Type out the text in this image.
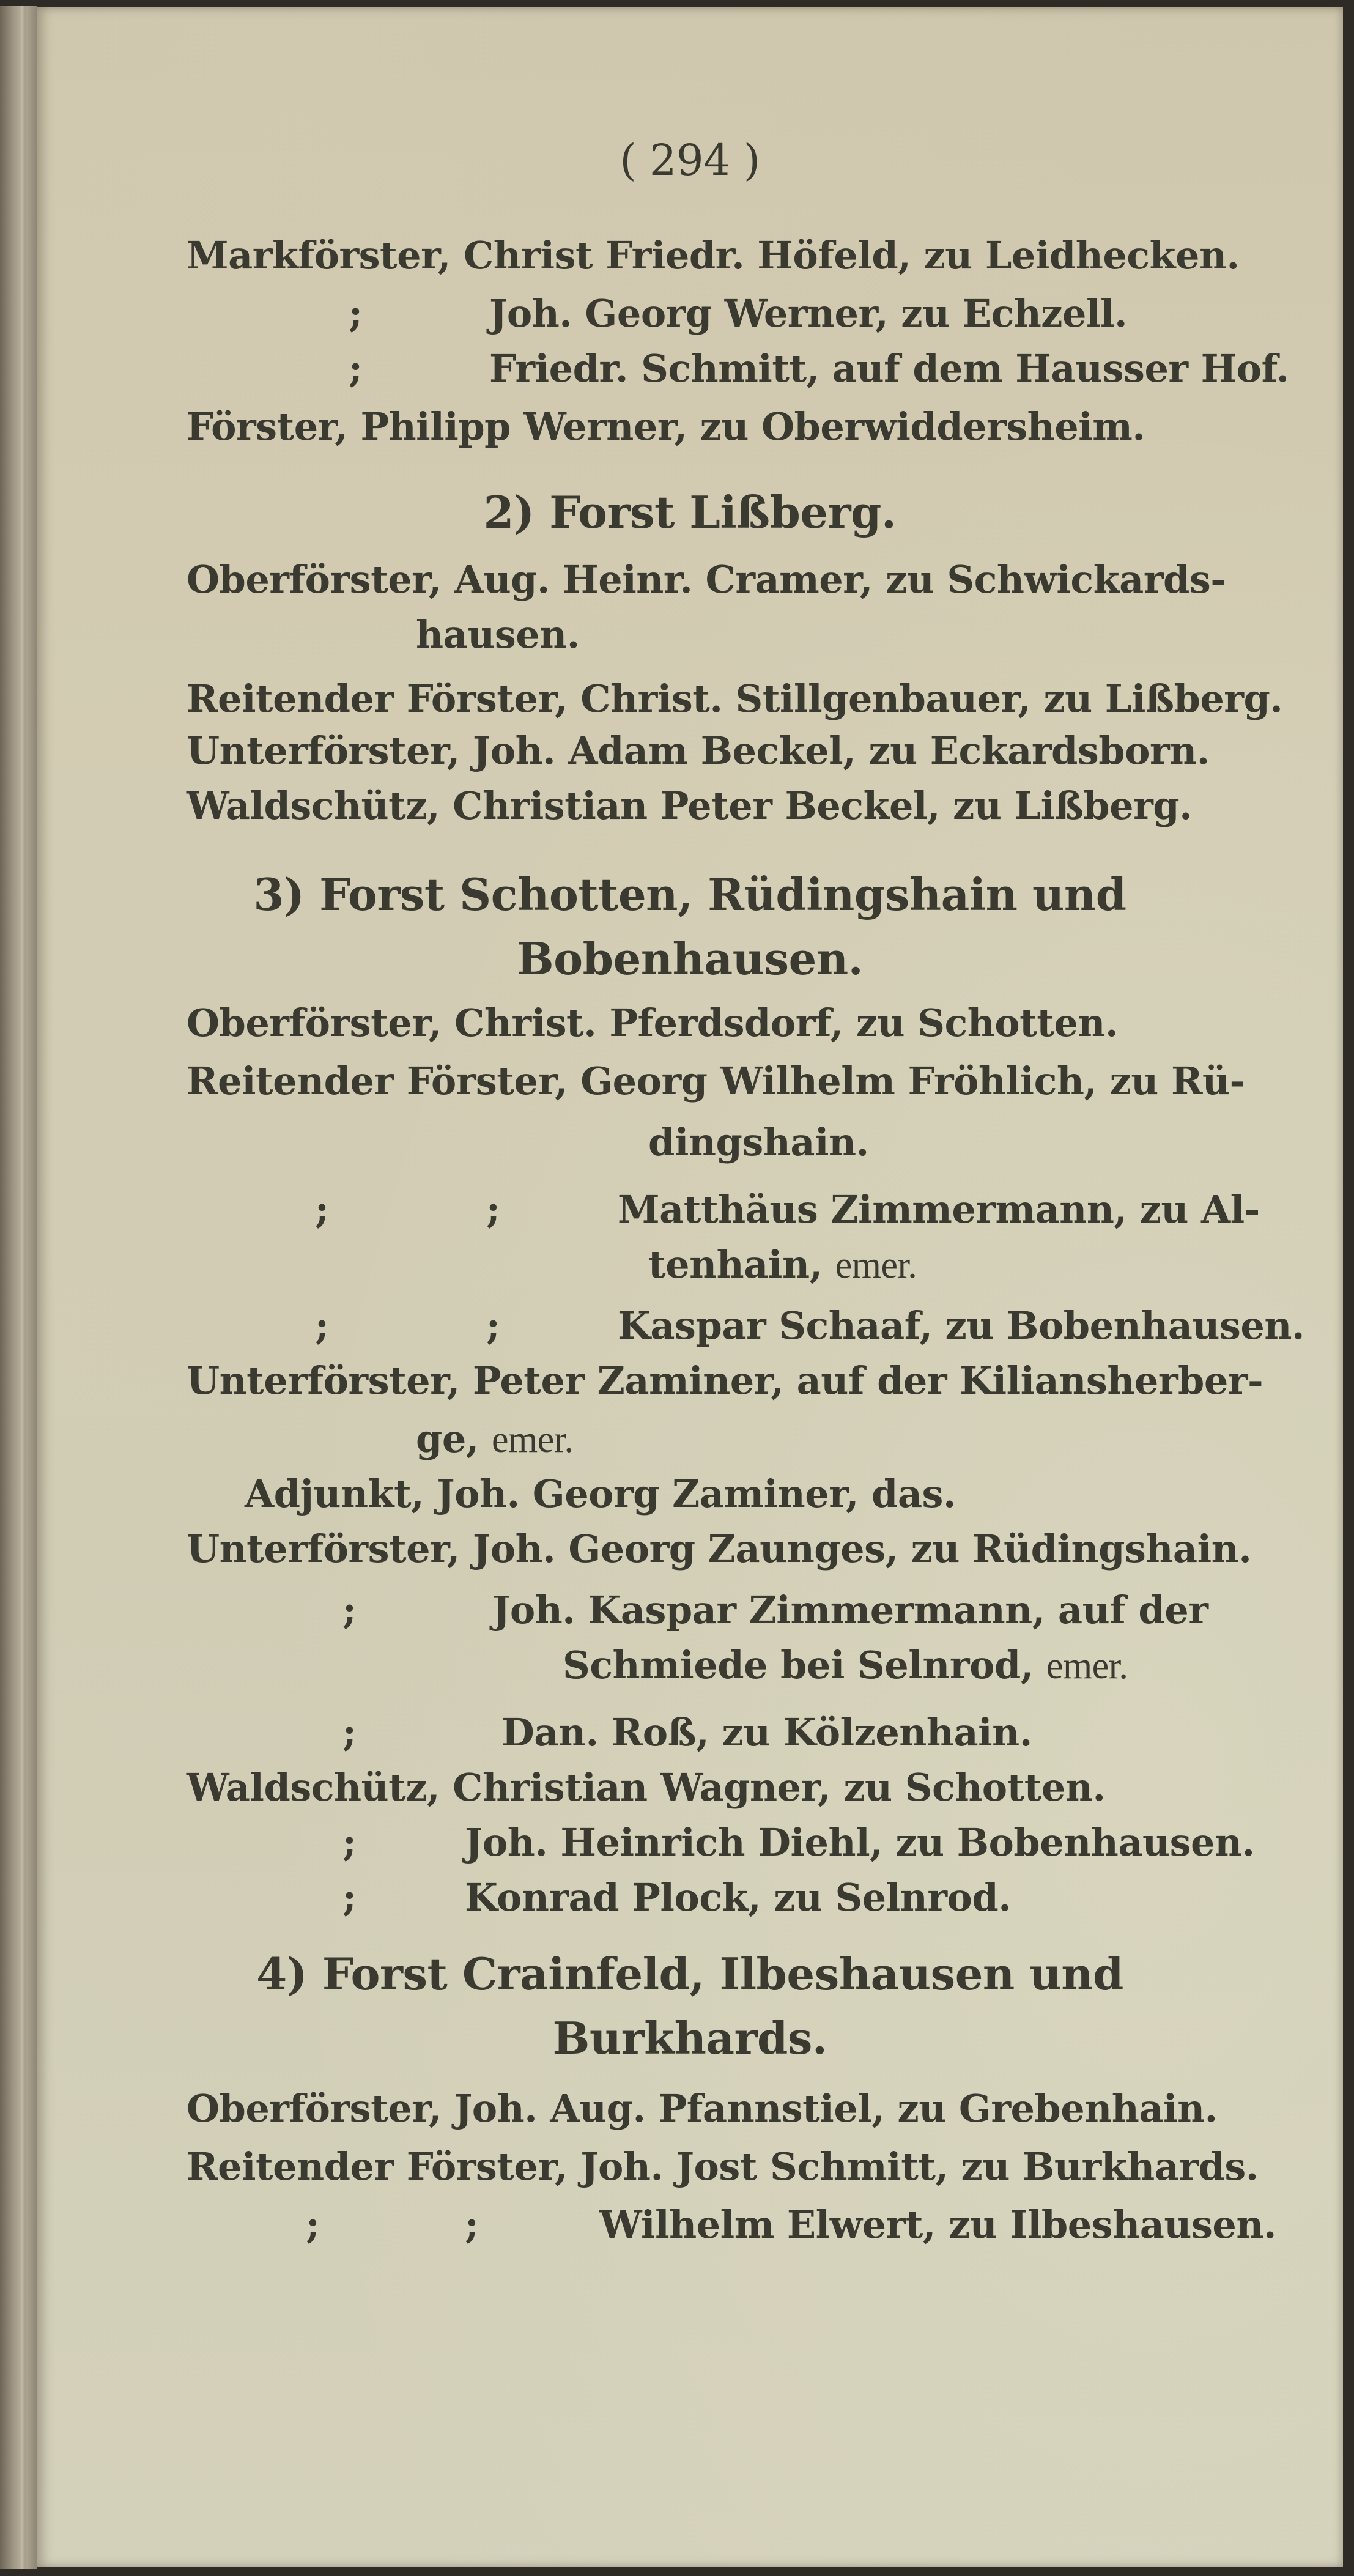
( 294 )
Markförster, Christ Friedr. Höfeld, zu Leidhecken.
;	Joh. Georg Werner, zu Echzell.
;	Friedr. Schmitt, auf dem Hausser Hof.
Förster, Philipp Werner, zu Oberwiddersheim.
2) Forst Lißberg.
Oberförster, Aug. Heinr. Cramer, zu Schwickards-
hausen.
Reitender Förster, Christ. Stillgenbauer, zu Lißberg.
Unterförster, Joh. Adam Beckel, zu Eckardsborn.
Waldschütz, Christian Peter Beckel, zu Lißberg.
3) Forst Schotten, Rüdingshain und
Bobenhausen.
Oberförster, Christ. Pferdsdorf, zu Schotten.
Reitender Förster, Georg Wilhelm Fröhlich, zu Rü-
dingshain.
;	;	Matthäus Zimmermann, zu Al-
tenhain, emer.
;	;	Kaspar Schaaf, zu Bobenhausen.
Unterförster, Peter Zaminer, auf der Kiliansherber-
ge, emer.
Adjunkt, Joh. Georg Zaminer, das.
Unterförster, Joh. Georg Zaunges, zu Rüdingshain.
;	Joh. Kaspar Zimmermann, auf der
Schmiede bei Selnrod, emer.
;	Dan. Roß, zu Kölzenhain.
Waldschütz, Christian Wagner, zu Schotten.
;	Joh. Heinrich Diehl, zu Bobenhausen.
;	Konrad Plock, zu Selnrod.
4) Forst Crainfeld, Ilbeshausen und
Burkhards.
Oberförster, Joh. Aug. Pfannstiel, zu Grebenhain.
Reitender Förster, Joh. Jost Schmitt, zu Burkhards.
;	;	Wilhelm Elwert, zu Ilbeshausen.
